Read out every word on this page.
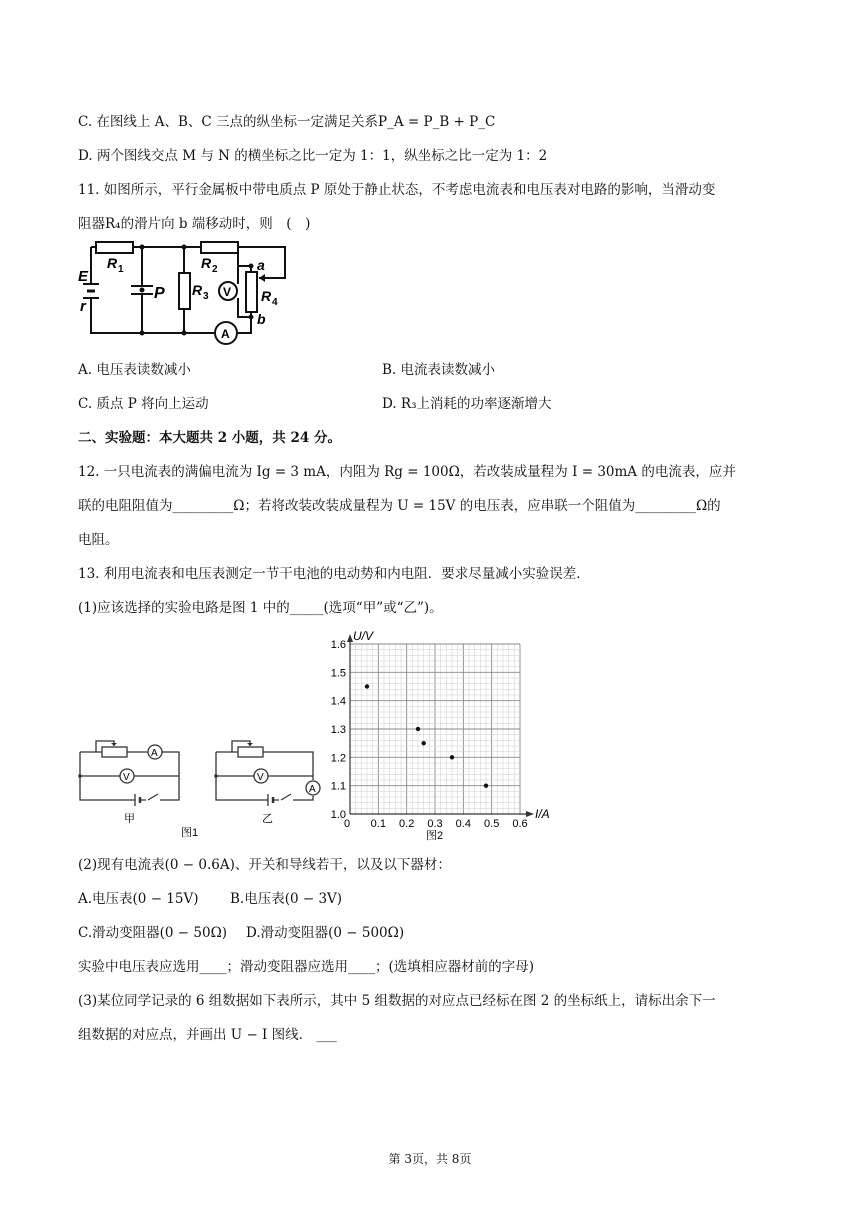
C. 在图线上 A、B、C 三点的纵坐标一定满足关系P_A = P_B + P_C
D. 两个图线交点 M 与 N 的横坐标之比一定为 1：1，纵坐标之比一定为 1：2
11. 如图所示，平行金属板中带电质点 P 原处于静止状态，不考虑电流表和电压表对电路的影响，当滑动变
阻器R₄的滑片向 b 端移动时，则　(　)
E
r
R 1	R 2
R 3	R 4
P
a
b
V
A
A. 电压表读数减小	B. 电流表读数减小
C. 质点 P 将向上运动	D. R₃上消耗的功率逐渐增大
二、实验题：本大题共 2 小题，共 24 分。
12. 一只电流表的满偏电流为 Ig = 3 mA，内阻为 Rg = 100Ω，若改装成量程为 I = 30mA 的电流表，应并
联的电阻阻值为_________Ω；若将改装改装成量程为 U = 15V 的电压表，应串联一个阻值为_________Ω的
电阻。
13. 利用电流表和电压表测定一节干电池的电动势和内电阻．要求尽量减小实验误差．
(1)应该选择的实验电路是图 1 中的_____(选项“甲”或“乙”)。
A
V
A
V
甲	乙
图1
1.0
1.1
1.2
1.3
1.4
1.5
1.6
0.1 0.2 0.3 0.4 0.5 0.6
U/V
I/A
0
图2
(2)现有电流表(0 − 0.6A)、开关和导线若干，以及以下器材：
A.电压表(0 − 15V) B.电压表(0 − 3V)
C.滑动变阻器(0 − 50Ω) D.滑动变阻器(0 − 500Ω)
实验中电压表应选用____；滑动变阻器应选用____；(选填相应器材前的字母)
(3)某位同学记录的 6 组数据如下表所示，其中 5 组数据的对应点已经标在图 2 的坐标纸上，请标出余下一
组数据的对应点，并画出 U − I 图线． ___
第 3页，共 8页
